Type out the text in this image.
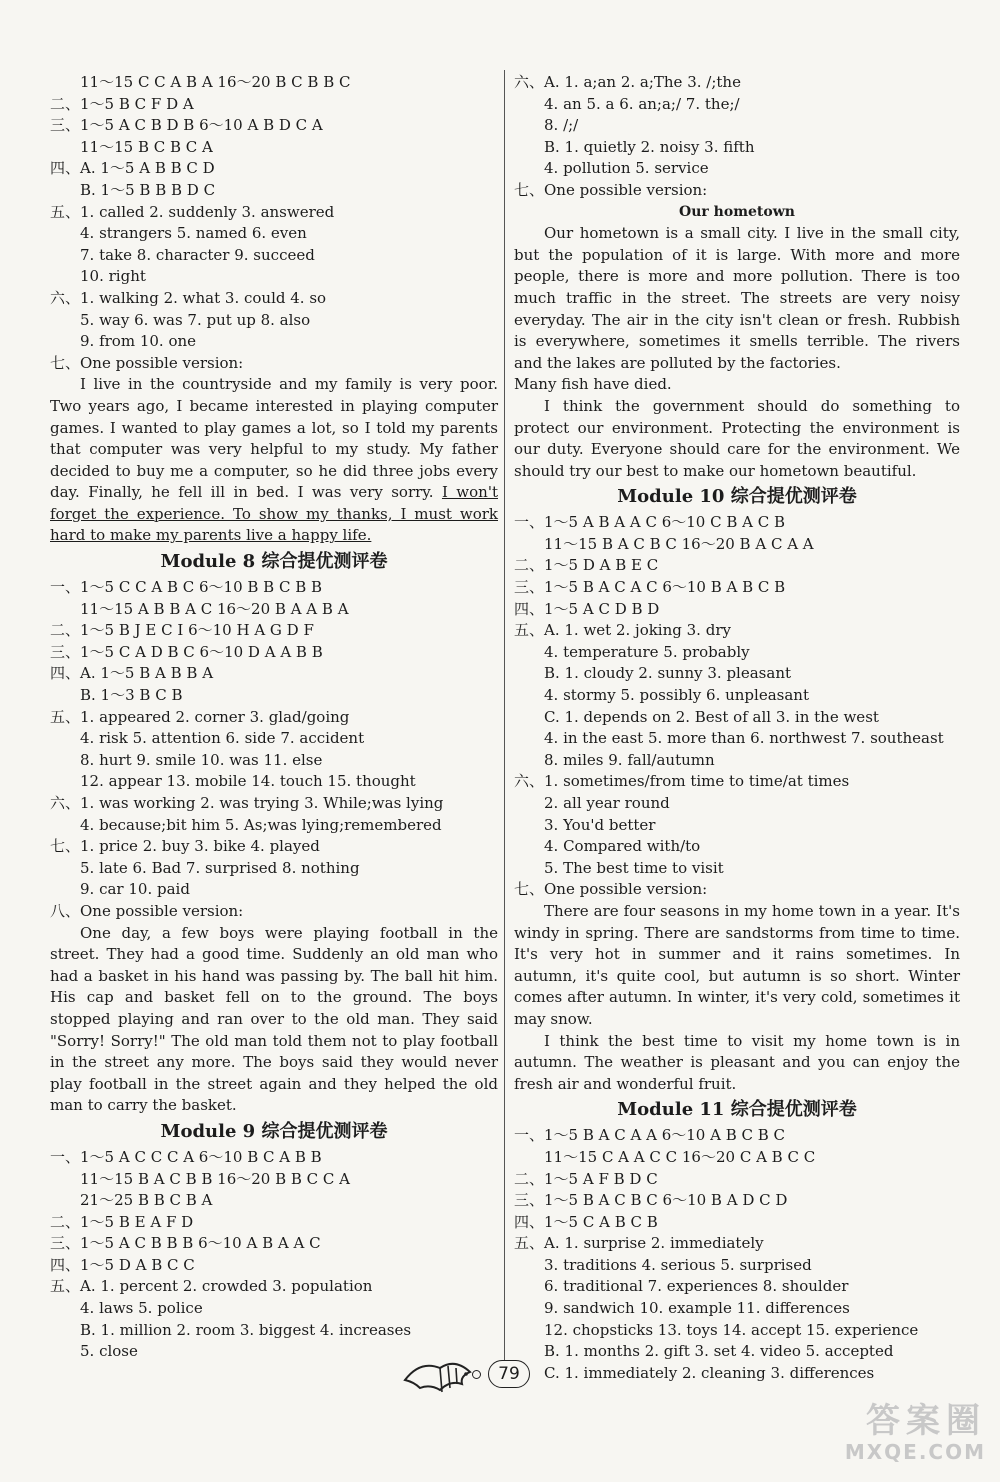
11～15 C C A B A 16～20 B C B B C
二、1～5 B C F D A
三、1～5 A C B D B 6～10 A B D C A
11～15 B C B C A
四、A. 1～5 A B B C D
B. 1～5 B B B D C
五、1. called 2. suddenly 3. answered
4. strangers 5. named 6. even
7. take 8. character 9. succeed
10. right
六、1. walking 2. what 3. could 4. so
5. way 6. was 7. put up 8. also
9. from 10. one
七、One possible version:

I live in the countryside and my family is very poor. Two years ago, I became interested in playing computer games. I wanted to play games a lot, so I told my parents that computer was very helpful to my study. My father decided to buy me a computer, so he did three jobs every day. Finally, he fell ill in bed. I was very sorry. I won't forget the experience. To show my thanks, I must work hard to make my parents live a happy life.

Module 8 综合提优测评卷
一、1～5 C C A B C 6～10 B B C B B
11～15 A B B A C 16～20 B A A B A
二、1～5 B J E C I 6～10 H A G D F
三、1～5 C A D B C 6～10 D A A B B
四、A. 1～5 B A B B A
B. 1～3 B C B
五、1. appeared 2. corner 3. glad/going
4. risk 5. attention 6. side 7. accident
8. hurt 9. smile 10. was 11. else
12. appear 13. mobile 14. touch 15. thought
六、1. was working 2. was trying 3. While;was lying
4. because;bit him 5. As;was lying;remembered
七、1. price 2. buy 3. bike 4. played
5. late 6. Bad 7. surprised 8. nothing
9. car 10. paid
八、One possible version:

One day, a few boys were playing football in the street. They had a good time. Suddenly an old man who had a basket in his hand was passing by. The ball hit him. His cap and basket fell on to the ground. The boys stopped playing and ran over to the old man. They said "Sorry! Sorry!" The old man told them not to play football in the street any more. The boys said they would never play football in the street again and they helped the old man to carry the basket.

Module 9 综合提优测评卷
一、1～5 A C C C A 6～10 B C A B B
11～15 B A C B B 16～20 B B C C A
21～25 B B C B A
二、1～5 B E A F D
三、1～5 A C B B B 6～10 A B A A C
四、1～5 D A B C C
五、A. 1. percent 2. crowded 3. population
4. laws 5. police
B. 1. million 2. room 3. biggest 4. increases
5. close
六、A. 1. a;an 2. a;The 3. /;the
4. an 5. a 6. an;a;/ 7. the;/
8. /;/
B. 1. quietly 2. noisy 3. fifth
4. pollution 5. service
七、One possible version:
Our hometown

Our hometown is a small city. I live in the small city, but the population of it is large. With more and more people, there is more and more pollution. There is too much traffic in the street. The streets are very noisy everyday. The air in the city isn't clean or fresh. Rubbish is everywhere, sometimes it smells terrible. The rivers and the lakes are polluted by the factories.

Many fish have died.

I think the government should do something to protect our environment. Protecting the environment is our duty. Everyone should care for the environment. We should try our best to make our hometown beautiful.

Module 10 综合提优测评卷
一、1～5 A B A A C 6～10 C B A C B
11～15 B A C B C 16～20 B A C A A
二、1～5 D A B E C
三、1～5 B A C A C 6～10 B A B C B
四、1～5 A C D B D
五、A. 1. wet 2. joking 3. dry
4. temperature 5. probably
B. 1. cloudy 2. sunny 3. pleasant
4. stormy 5. possibly 6. unpleasant
C. 1. depends on 2. Best of all 3. in the west
4. in the east 5. more than 6. northwest 7. southeast
8. miles 9. fall/autumn
六、1. sometimes/from time to time/at times
2. all year round
3. You'd better
4. Compared with/to
5. The best time to visit
七、One possible version:

There are four seasons in my home town in a year. It's windy in spring. There are sandstorms from time to time. It's very hot in summer and it rains sometimes. In autumn, it's quite cool, but autumn is so short. Winter comes after autumn. In winter, it's very cold, sometimes it may snow.

I think the best time to visit my home town is in autumn. The weather is pleasant and you can enjoy the fresh air and wonderful fruit.

Module 11 综合提优测评卷
一、1～5 B A C A A 6～10 A B C B C
11～15 C A A C C 16～20 C A B C C
二、1～5 A F B D C
三、1～5 B A C B C 6～10 B A D C D
四、1～5 C A B C B
五、A. 1. surprise 2. immediately
3. traditions 4. serious 5. surprised
6. traditional 7. experiences 8. shoulder
9. sandwich 10. example 11. differences
12. chopsticks 13. toys 14. accept 15. experience
B. 1. months 2. gift 3. set 4. video 5. accepted
C. 1. immediately 2. cleaning 3. differences
79
答案圈
MXQE.COM
